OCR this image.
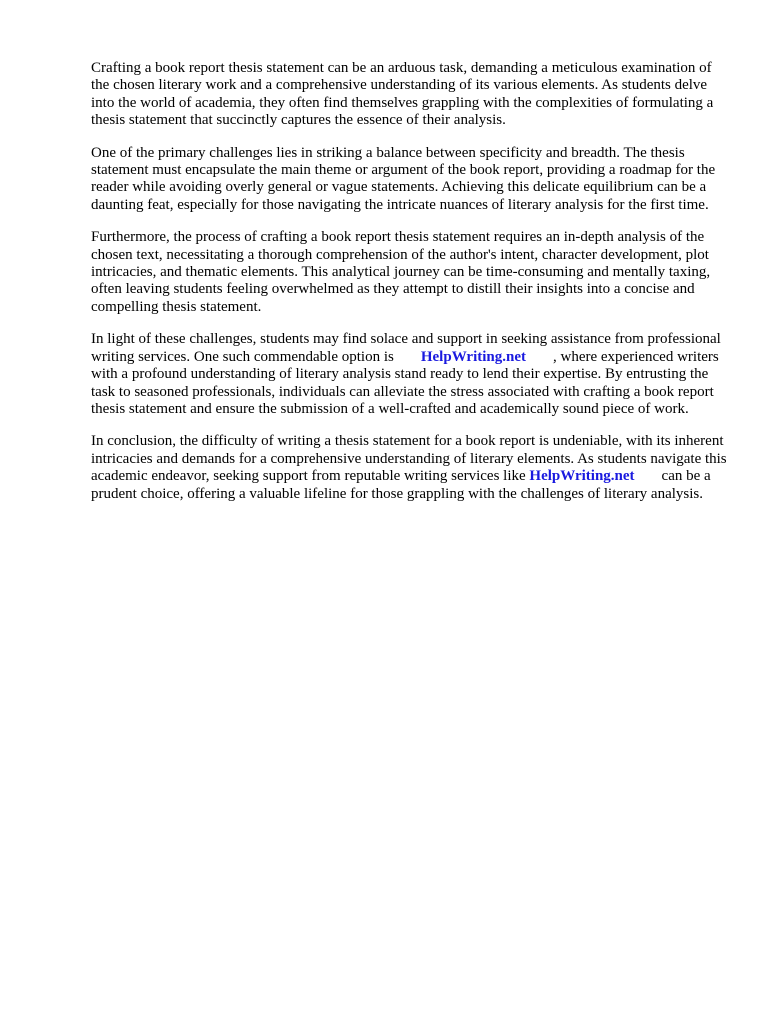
Crafting a book report thesis statement can be an arduous task, demanding a meticulous examination of the chosen literary work and a comprehensive understanding of its various elements. As students delve into the world of academia, they often find themselves grappling with the complexities of formulating a thesis statement that succinctly captures the essence of their analysis.

One of the primary challenges lies in striking a balance between specificity and breadth. The thesis statement must encapsulate the main theme or argument of the book report, providing a roadmap for the reader while avoiding overly general or vague statements. Achieving this delicate equilibrium can be a daunting feat, especially for those navigating the intricate nuances of literary analysis for the first time.

Furthermore, the process of crafting a book report thesis statement requires an in-depth analysis of the chosen text, necessitating a thorough comprehension of the author's intent, character development, plot intricacies, and thematic elements. This analytical journey can be time-consuming and mentally taxing, often leaving students feeling overwhelmed as they attempt to distill their insights into a concise and compelling thesis statement.

In light of these challenges, students may find solace and support in seeking assistance from professional writing services. One such commendable option is HelpWriting.net , where experienced writers with a profound understanding of literary analysis stand ready to lend their expertise. By entrusting the task to seasoned professionals, individuals can alleviate the stress associated with crafting a book report thesis statement and ensure the submission of a well-crafted and academically sound piece of work.

In conclusion, the difficulty of writing a thesis statement for a book report is undeniable, with its inherent intricacies and demands for a comprehensive understanding of literary elements. As students navigate this academic endeavor, seeking support from reputable writing services like HelpWriting.net can be a prudent choice, offering a valuable lifeline for those grappling with the challenges of literary analysis.
